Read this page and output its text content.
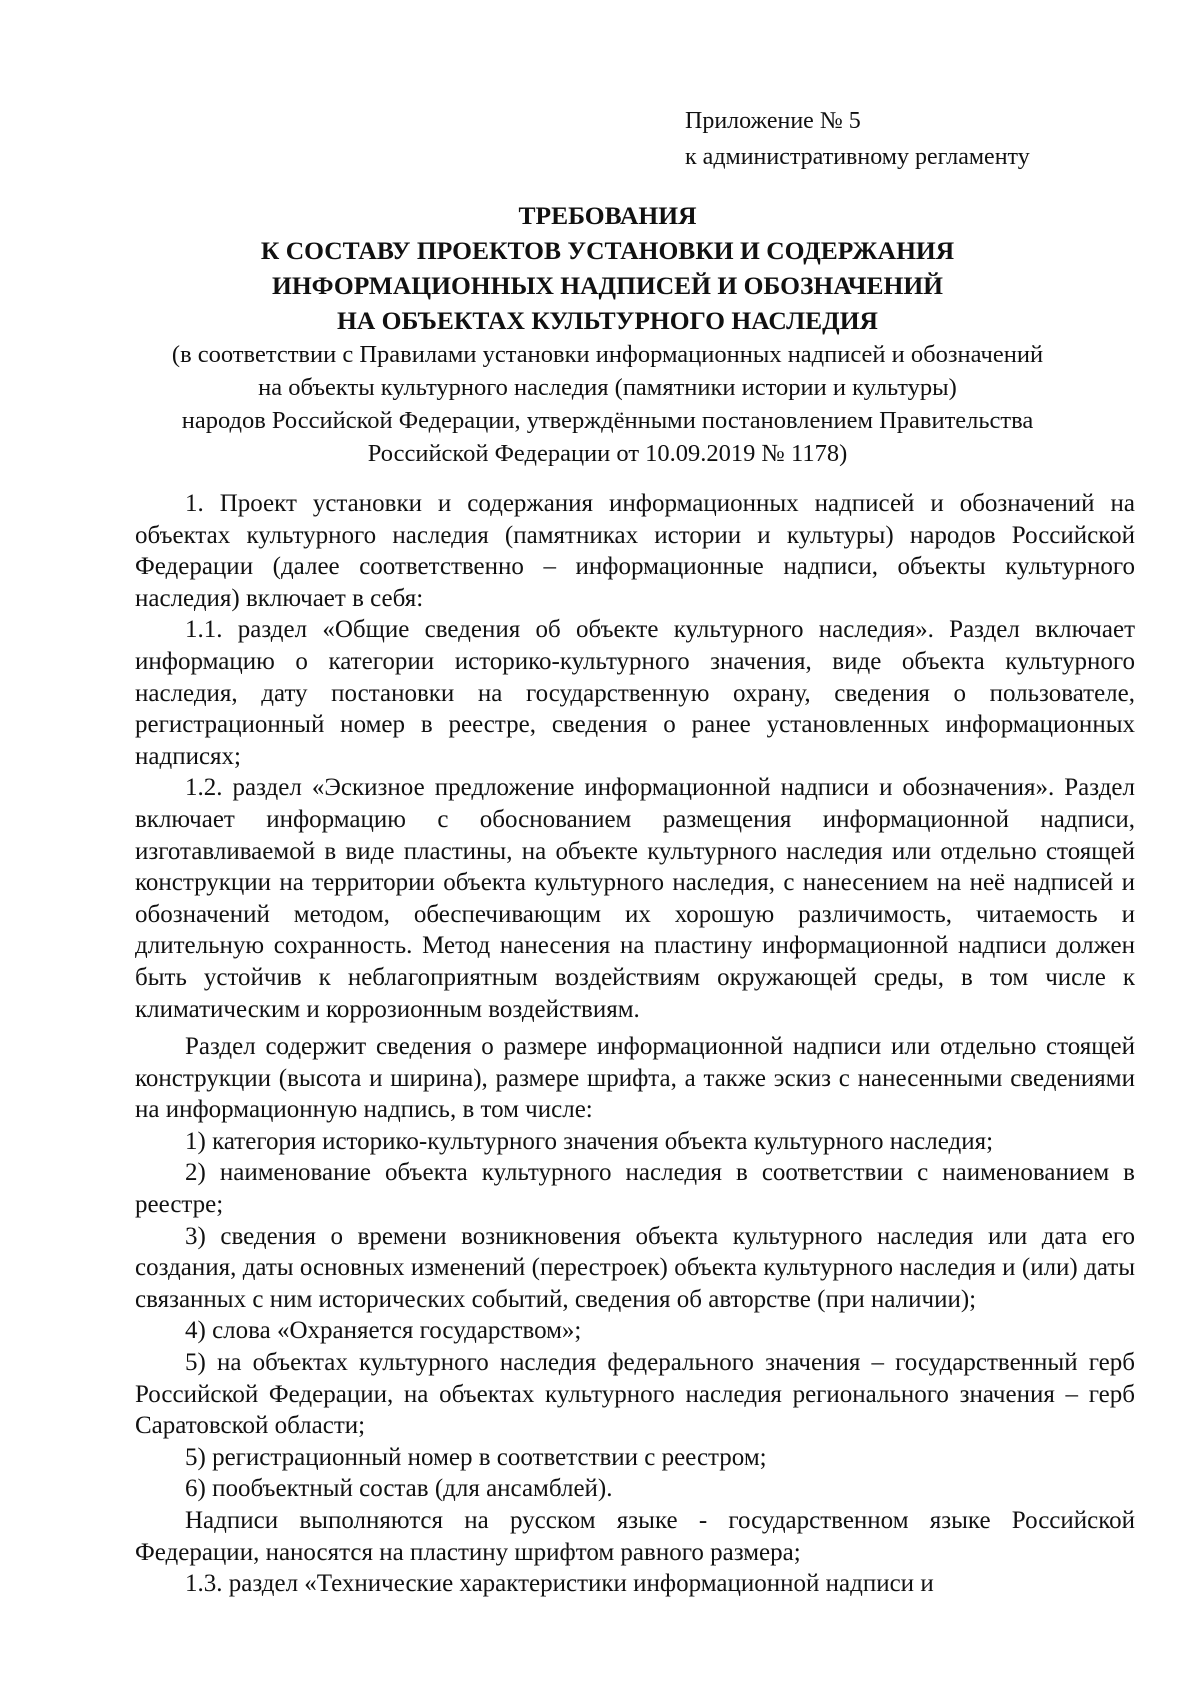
Приложение № 5
к административному регламенту
ТРЕБОВАНИЯ
К СОСТАВУ ПРОЕКТОВ УСТАНОВКИ И СОДЕРЖАНИЯ
ИНФОРМАЦИОННЫХ НАДПИСЕЙ И ОБОЗНАЧЕНИЙ
НА ОБЪЕКТАХ КУЛЬТУРНОГО НАСЛЕДИЯ
(в соответствии с Правилами установки информационных надписей и обозначений
на объекты культурного наследия (памятники истории и культуры)
народов Российской Федерации, утверждёнными постановлением Правительства
Российской Федерации от 10.09.2019 № 1178)

1. Проект установки и содержания информационных надписей и обозначений на объектах культурного наследия (памятниках истории и культуры) народов Российской Федерации (далее соответственно – информационные надписи, объекты культурного наследия) включает в себя:

1.1. раздел «Общие сведения об объекте культурного наследия». Раздел включает информацию о категории историко-культурного значения, виде объекта культурного наследия, дату постановки на государственную охрану, сведения о пользователе, регистрационный номер в реестре, сведения о ранее установленных информационных надписях;

1.2. раздел «Эскизное предложение информационной надписи и обозначения». Раздел включает информацию с обоснованием размещения информационной надписи, изготавливаемой в виде пластины, на объекте культурного наследия или отдельно стоящей конструкции на территории объекта культурного наследия, с нанесением на неё надписей и обозначений методом, обеспечивающим их хорошую различимость, читаемость и длительную сохранность. Метод нанесения на пластину информационной надписи должен быть устойчив к неблагоприятным воздействиям окружающей среды, в том числе к климатическим и коррозионным воздействиям.

Раздел содержит сведения о размере информационной надписи или отдельно стоящей конструкции (высота и ширина), размере шрифта, а также эскиз с нанесенными сведениями на информационную надпись, в том числе:

1) категория историко-культурного значения объекта культурного наследия;

2) наименование объекта культурного наследия в соответствии с наименованием в реестре;

3) сведения о времени возникновения объекта культурного наследия или дата его создания, даты основных изменений (перестроек) объекта культурного наследия и (или) даты связанных с ним исторических событий, сведения об авторстве (при наличии);

4) слова «Охраняется государством»;

5) на объектах культурного наследия федерального значения – государственный герб Российской Федерации, на объектах культурного наследия регионального значения – герб Саратовской области;

5) регистрационный номер в соответствии с реестром;

6) пообъектный состав (для ансамблей).

Надписи выполняются на русском языке - государственном языке Российской Федерации, наносятся на пластину шрифтом равного размера;

1.3. раздел «Технические характеристики информационной надписи и
